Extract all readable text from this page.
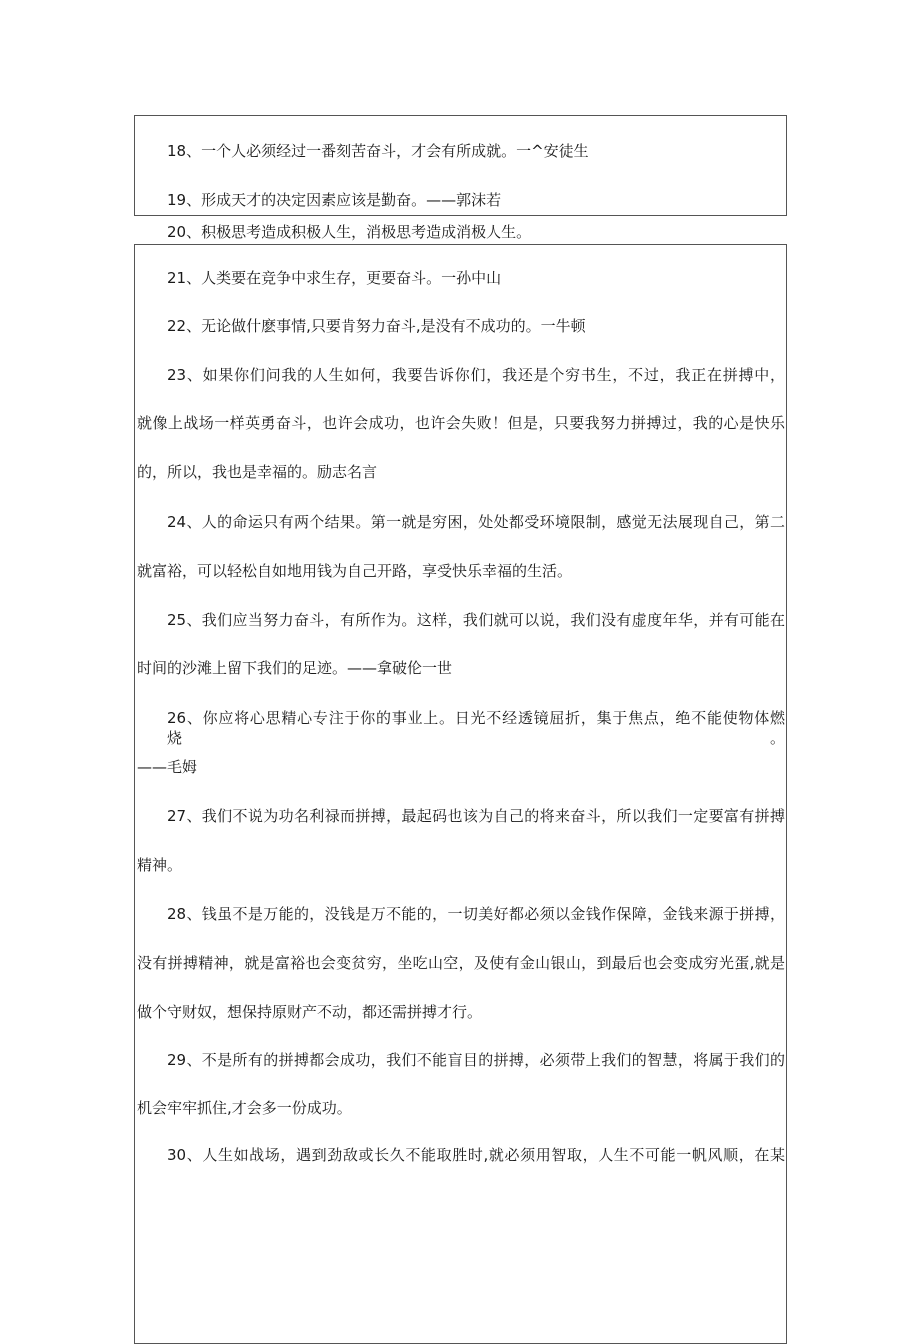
18、一个人必须经过一番刻苦奋斗，才会有所成就。一^安徒生
19、形成天才的决定因素应该是勤奋。——郭沫若
20、积极思考造成积极人生，消极思考造成消极人生。
21、人类要在竞争中求生存，更要奋斗。一孙中山
22、无论做什麽事情,只要肯努力奋斗,是没有不成功的。一牛顿
23、如果你们问我的人生如何，我要告诉你们，我还是个穷书生，不过，我正在拼搏中，
就像上战场一样英勇奋斗，也许会成功，也许会失败！但是，只要我努力拼搏过，我的心是快乐
的，所以，我也是幸福的。励志名言
24、人的命运只有两个结果。第一就是穷困，处处都受环境限制，感觉无法展现自己，第二
就富裕，可以轻松自如地用钱为自己开路，享受快乐幸福的生活。
25、我们应当努力奋斗，有所作为。这样，我们就可以说，我们没有虚度年华，并有可能在
时间的沙滩上留下我们的足迹。——拿破伦一世
26、你应将心思精心专注于你的事业上。日光不经透镜屈折，集于焦点，绝不能使物体燃烧。
——毛姆
27、我们不说为功名利禄而拼搏，最起码也该为自己的将来奋斗，所以我们一定要富有拼搏
精神。
28、钱虽不是万能的，没钱是万不能的，一切美好都必须以金钱作保障，金钱来源于拼搏，
没有拼搏精神，就是富裕也会变贫穷，坐吃山空，及使有金山银山，到最后也会变成穷光蛋,就是
做个守财奴，想保持原财产不动，都还需拼搏才行。
29、不是所有的拼搏都会成功，我们不能盲目的拼搏，必须带上我们的智慧，将属于我们的
机会牢牢抓住,才会多一份成功。
30、人生如战场，遇到劲敌或长久不能取胜时,就必须用智取，人生不可能一帆风顺，在某
